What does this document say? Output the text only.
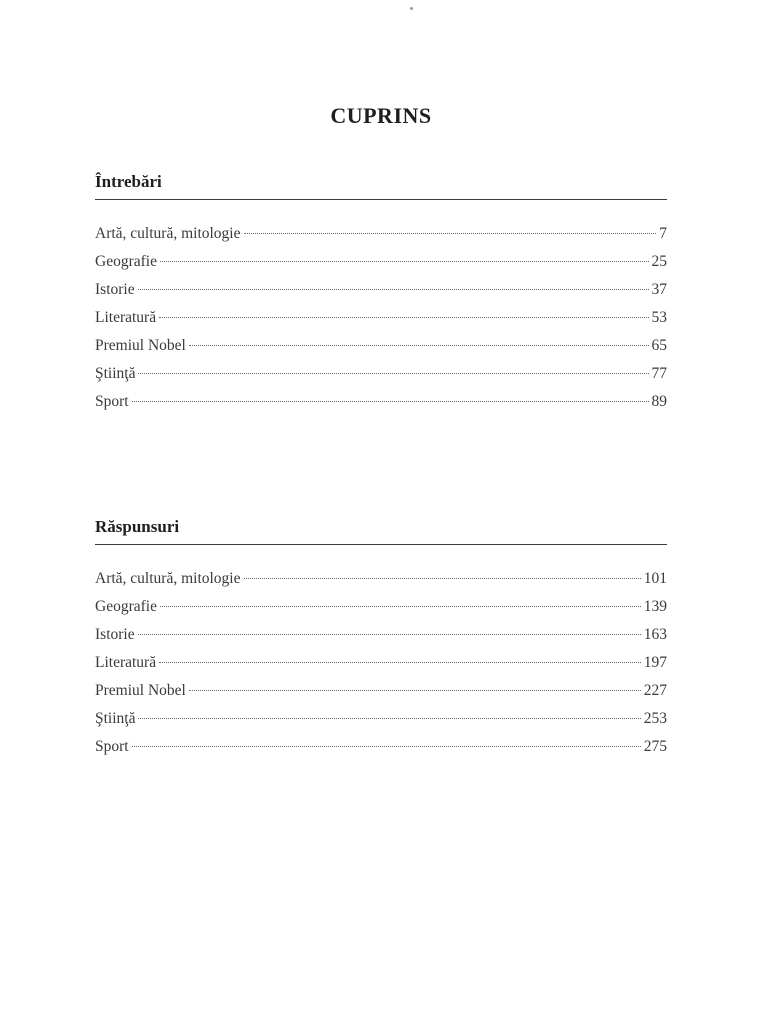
CUPRINS
Întrebări
Artă, cultură, mitologie	7
Geografie	25
Istorie	37
Literatură	53
Premiul Nobel	65
Ştiinţă	77
Sport	89
Răspunsuri
Artă, cultură, mitologie	101
Geografie	139
Istorie	163
Literatură	197
Premiul Nobel	227
Ştiinţă	253
Sport	275
